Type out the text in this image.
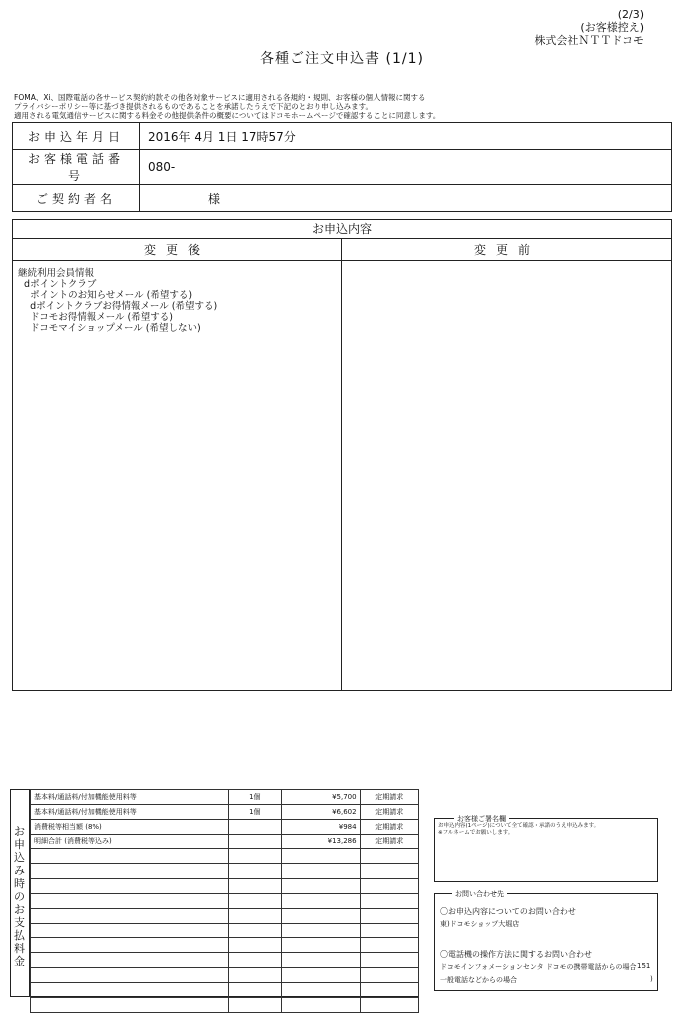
(2/3)
(お客様控え)
株式会社ＮＴＴドコモ
各種ご注文申込書 (1/1)
FOMA、Xi、国際電話の各サービス契約約款その他各対象サービスに適用される各規約・規則、お客様の個人情報に関する
プライバシーポリシー等に基づき提供されるものであることを承諾したうえで下記のとおり申し込みます。
適用される電気通信サービスに関する料金その他提供条件の概要についてはドコモホームページで確認することに同意します。
お申込年月日	2016年 4月 1日 17時57分
お客様電話番号	080-
ご契約者名	様
お申込内容
変更後	変更前
継続利用会員情報
dポイントクラブ
ポイントのお知らせメール (希望する)
dポイントクラブお得情報メール (希望する)
ドコモお得情報メール (希望する)
ドコモマイショップメール (希望しない)
お
申
込
み
時
の
お
支
払
料
金
基本料/通話料/付加機能使用料等	1個	¥5,700	定期請求
基本料/通話料/付加機能使用料等	1個	¥6,602	定期請求
消費税等相当額 (8%)		¥984	定期請求
明細合計 (消費税等込み)		¥13,286	定期請求

お客様ご署名欄
お申込内容(1ページ)について全て確認・承諾のうえ申込みます。
※フルネームでお願いします。
お問い合わせ先
〇お申込内容についてのお問い合わせ
東)ドコモショップ大堀店
〇電話機の操作方法に関するお問い合わせ
ドコモインフォメーションセンタ ドコモの携帯電話からの場合 151
一般電話などからの場合	)
